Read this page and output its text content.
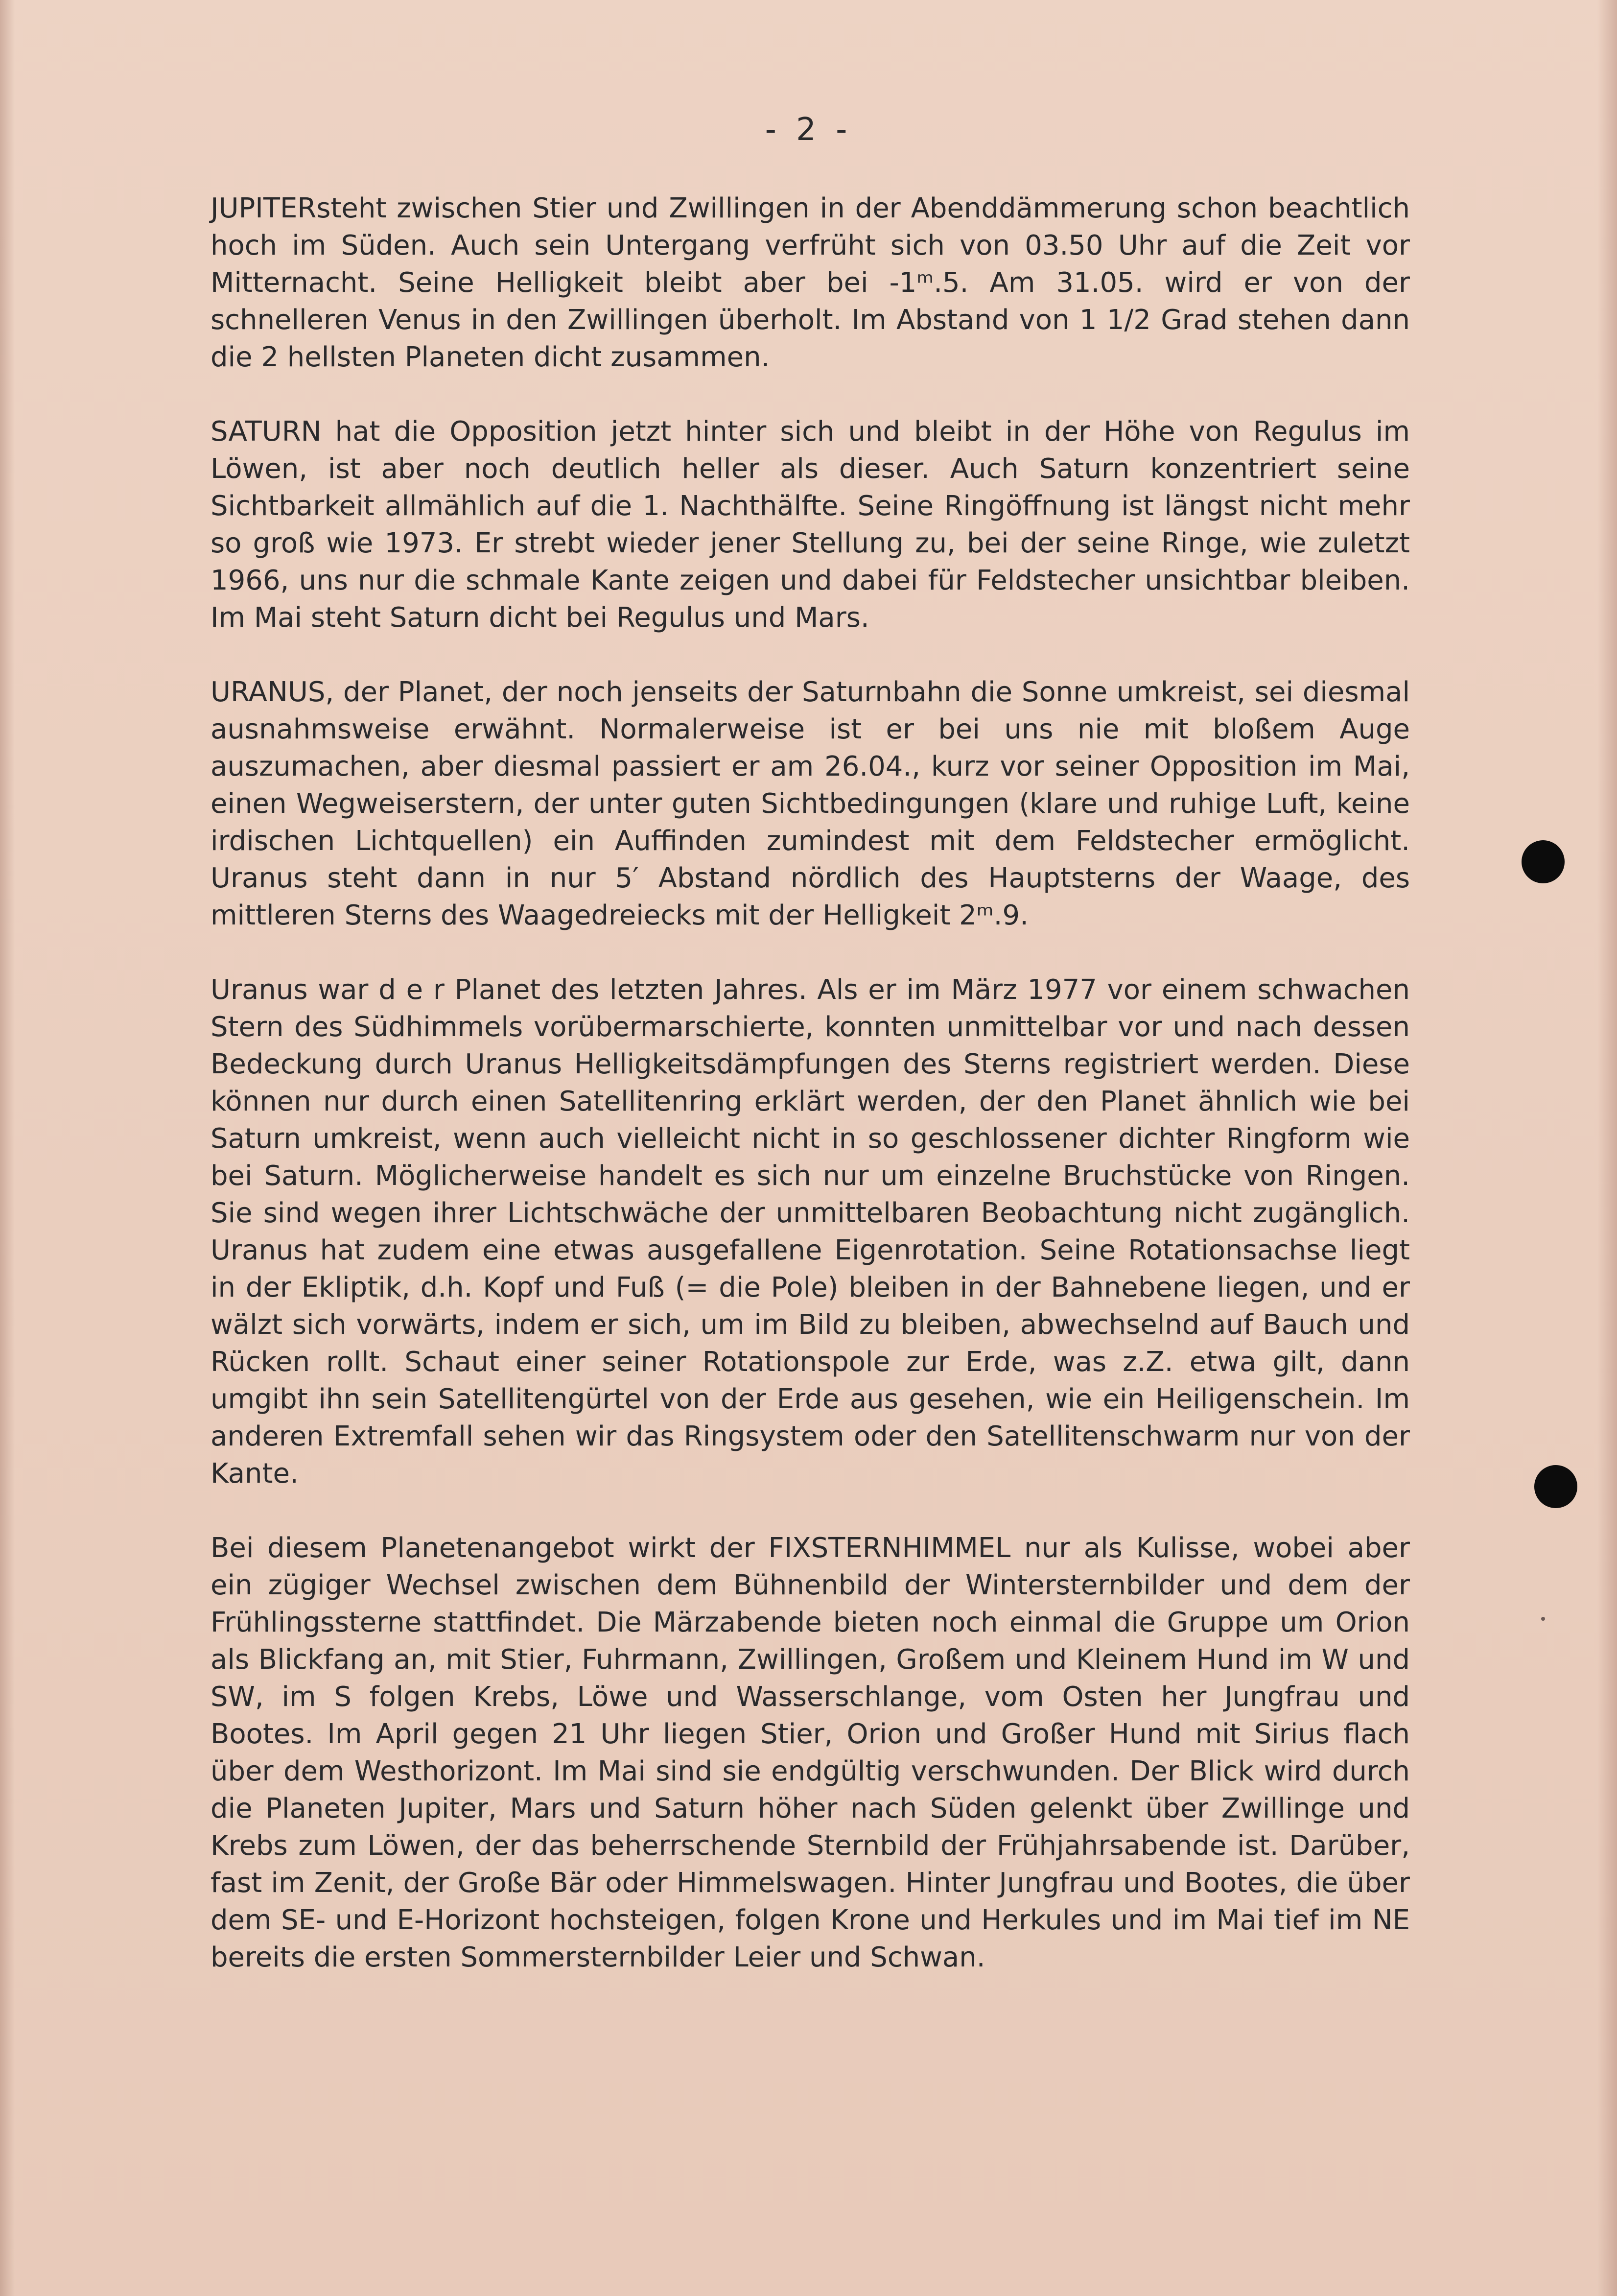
- 2 -

JUPITERsteht zwischen Stier und Zwillingen in der Abenddämmerung schon beachtlich hoch im Süden. Auch sein Untergang verfrüht sich von 03.50 Uhr auf die Zeit vor Mitternacht. Seine Helligkeit bleibt aber bei -1ᵐ.5. Am 31.05. wird er von der schnelleren Venus in den Zwillingen überholt. Im Abstand von 1 1/2 Grad stehen dann die 2 hellsten Planeten dicht zusammen.

SATURN hat die Opposition jetzt hinter sich und bleibt in der Höhe von Regulus im Löwen, ist aber noch deutlich heller als dieser. Auch Saturn konzentriert seine Sichtbarkeit allmählich auf die 1. Nachthälfte. Seine Ringöffnung ist längst nicht mehr so groß wie 1973. Er strebt wieder jener Stellung zu, bei der seine Ringe, wie zuletzt 1966, uns nur die schmale Kante zeigen und dabei für Feldstecher unsichtbar bleiben. Im Mai steht Saturn dicht bei Regulus und Mars.

URANUS, der Planet, der noch jenseits der Saturnbahn die Sonne umkreist, sei diesmal ausnahmsweise erwähnt. Normalerweise ist er bei uns nie mit bloßem Auge auszumachen, aber diesmal passiert er am 26.04., kurz vor seiner Opposition im Mai, einen Wegweiserstern, der unter guten Sichtbedingungen (klare und ruhige Luft, keine irdischen Lichtquellen) ein Auffinden zumindest mit dem Feldstecher ermöglicht. Uranus steht dann in nur 5′ Abstand nördlich des Hauptsterns der Waage, des mittleren Sterns des Waagedreiecks mit der Helligkeit 2ᵐ.9.

Uranus war d e r Planet des letzten Jahres. Als er im März 1977 vor einem schwachen Stern des Südhimmels vorübermarschierte, konnten unmittelbar vor und nach dessen Bedeckung durch Uranus Helligkeitsdämpfungen des Sterns registriert werden. Diese können nur durch einen Satellitenring erklärt werden, der den Planet ähnlich wie bei Saturn umkreist, wenn auch vielleicht nicht in so geschlossener dichter Ringform wie bei Saturn. Möglicherweise handelt es sich nur um einzelne Bruchstücke von Ringen. Sie sind wegen ihrer Lichtschwäche der unmittelbaren Beobachtung nicht zugänglich. Uranus hat zudem eine etwas ausgefallene Eigenrotation. Seine Rotationsachse liegt in der Ekliptik, d.h. Kopf und Fuß (= die Pole) bleiben in der Bahnebene liegen, und er wälzt sich vorwärts, indem er sich, um im Bild zu bleiben, abwechselnd auf Bauch und Rücken rollt. Schaut einer seiner Rotationspole zur Erde, was z.Z. etwa gilt, dann umgibt ihn sein Satellitengürtel von der Erde aus gesehen, wie ein Heiligenschein. Im anderen Extremfall sehen wir das Ringsystem oder den Satellitenschwarm nur von der Kante.

Bei diesem Planetenangebot wirkt der FIXSTERNHIMMEL nur als Kulisse, wobei aber ein zügiger Wechsel zwischen dem Bühnenbild der Wintersternbilder und dem der Frühlingssterne stattfindet. Die Märzabende bieten noch einmal die Gruppe um Orion als Blickfang an, mit Stier, Fuhrmann, Zwillingen, Großem und Kleinem Hund im W und SW, im S folgen Krebs, Löwe und Wasserschlange, vom Osten her Jungfrau und Bootes. Im April gegen 21 Uhr liegen Stier, Orion und Großer Hund mit Sirius flach über dem Westhorizont. Im Mai sind sie endgültig verschwunden. Der Blick wird durch die Planeten Jupiter, Mars und Saturn höher nach Süden gelenkt über Zwillinge und Krebs zum Löwen, der das beherrschende Sternbild der Frühjahrsabende ist. Darüber, fast im Zenit, der Große Bär oder Himmelswagen. Hinter Jungfrau und Bootes, die über dem SE- und E-Horizont hochsteigen, folgen Krone und Herkules und im Mai tief im NE bereits die ersten Sommersternbilder Leier und Schwan.
